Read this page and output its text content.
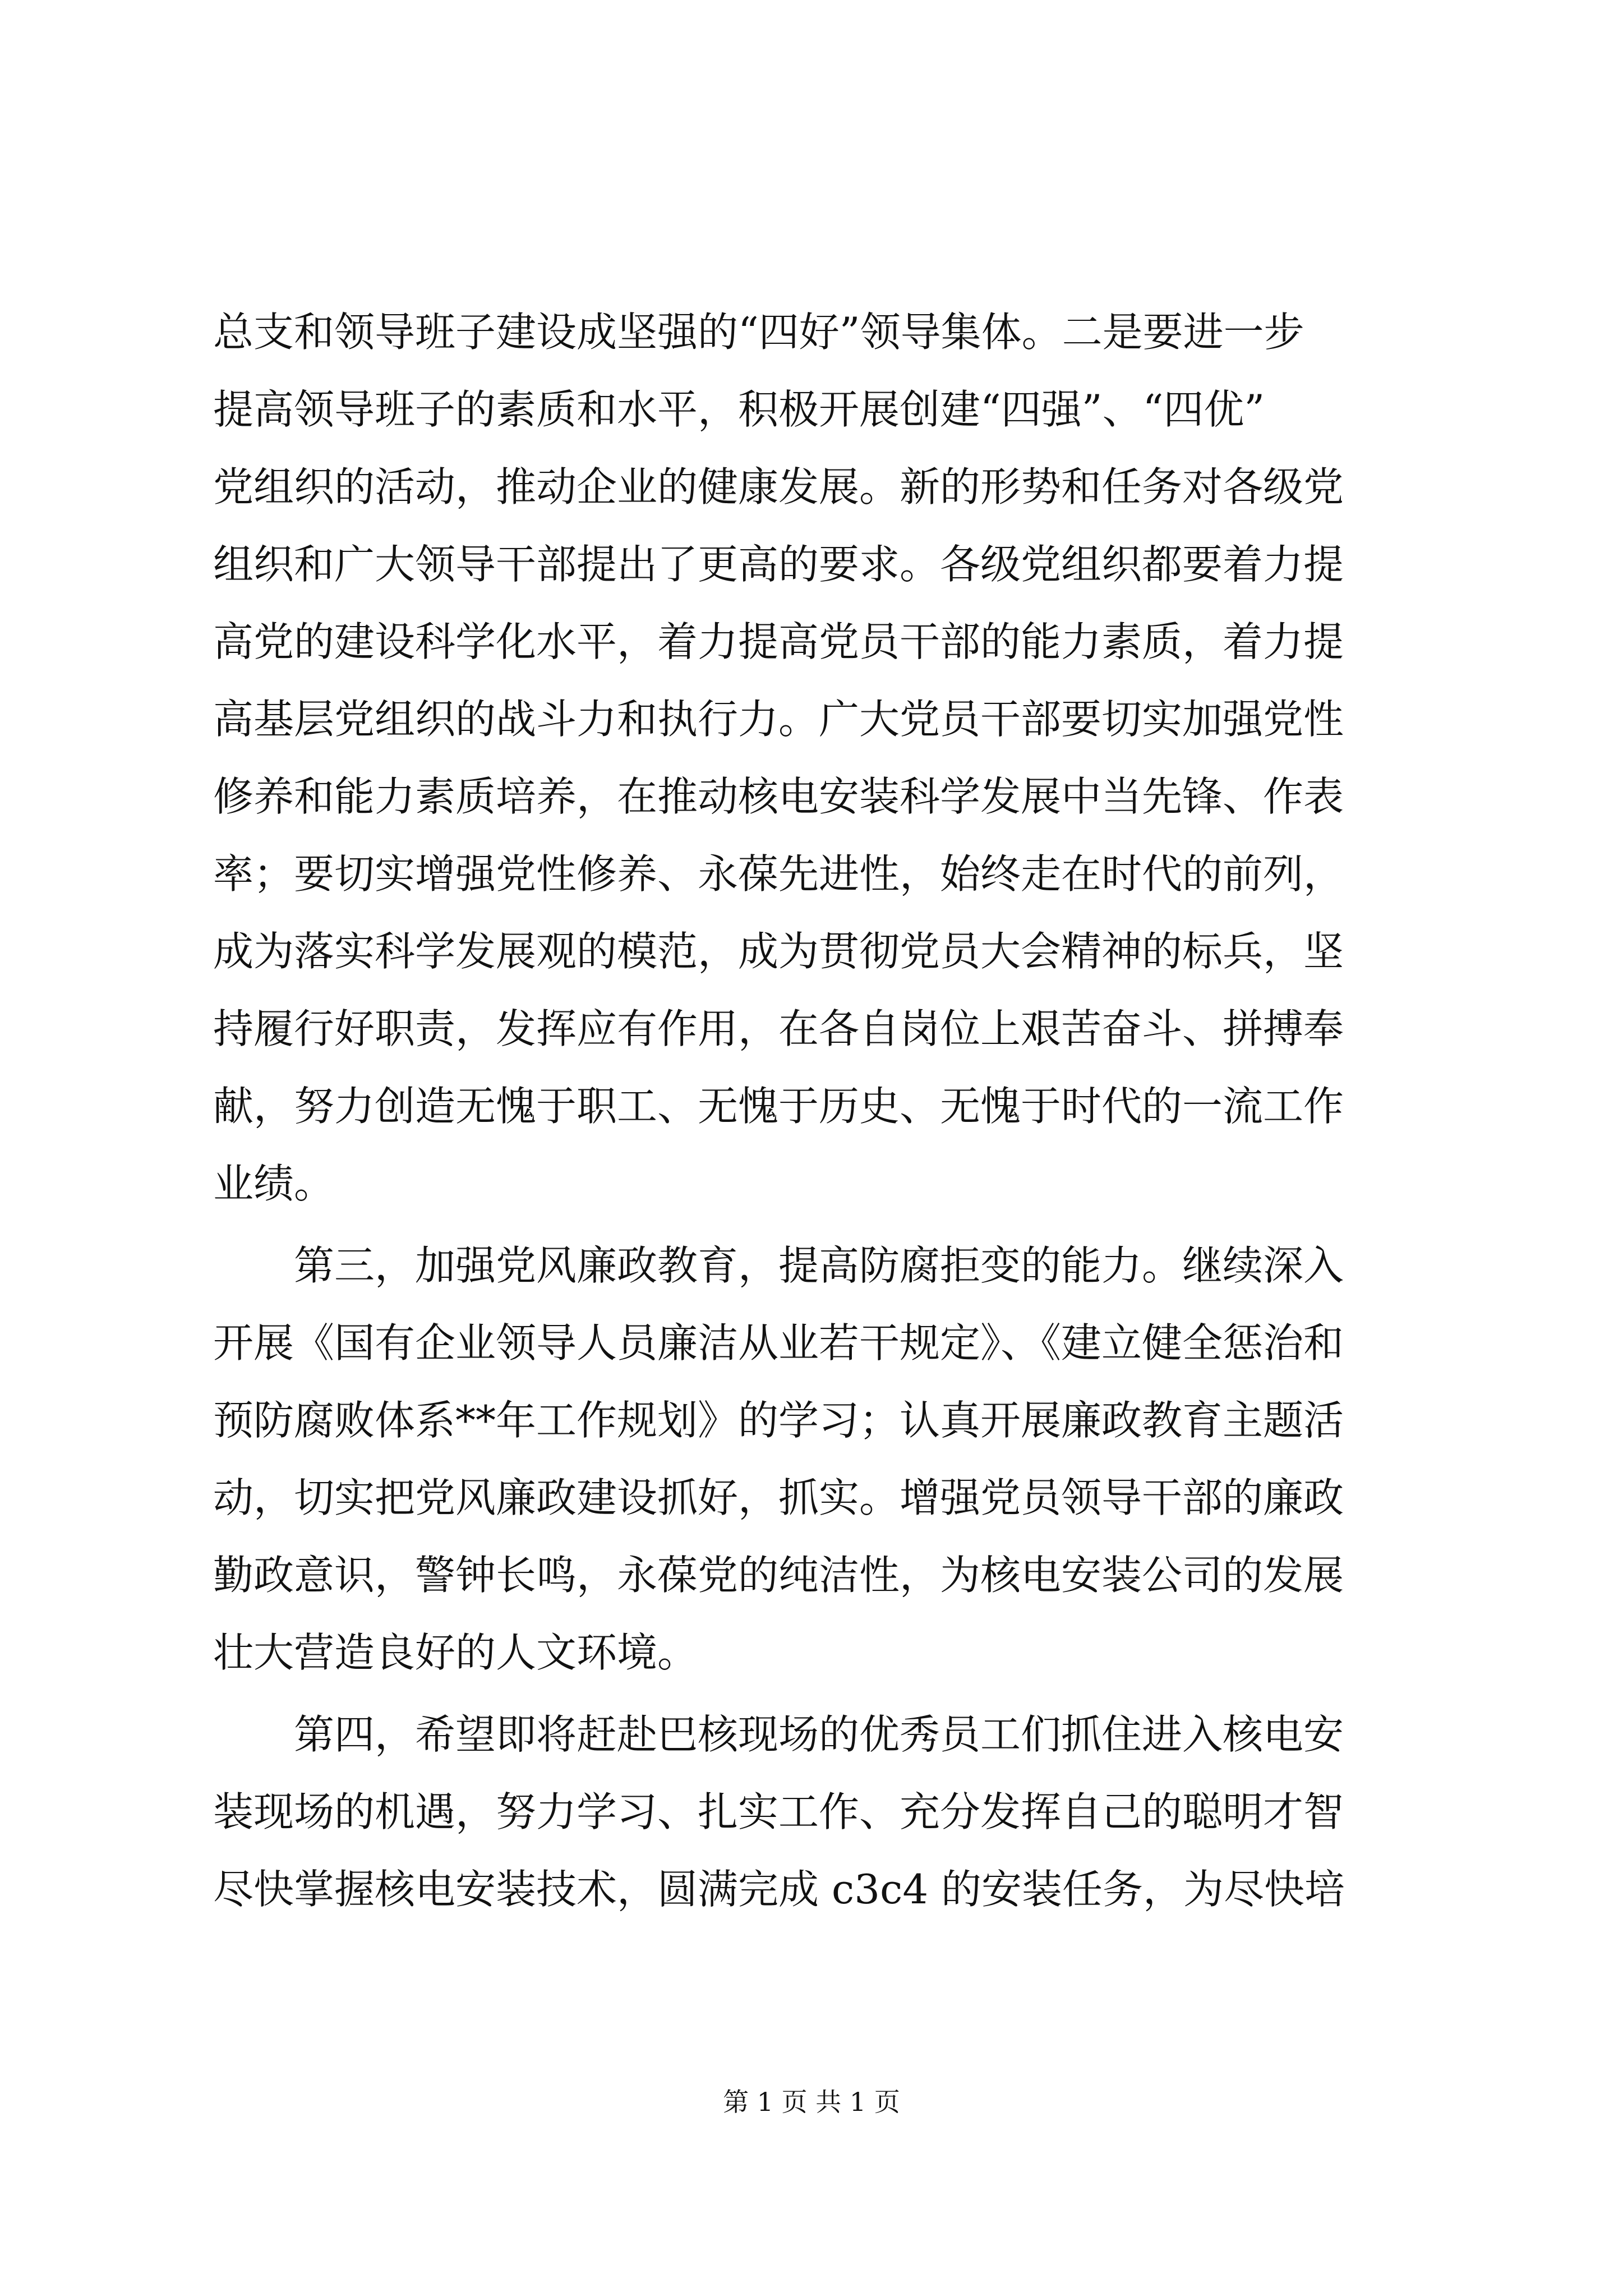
总支和领导班子建设成坚强的“四好”领导集体。二是要进一步
提高领导班子的素质和水平，积极开展创建“四强”、“四优”
党组织的活动，推动企业的健康发展。新的形势和任务对各级党
组织和广大领导干部提出了更高的要求。各级党组织都要着力提
高党的建设科学化水平，着力提高党员干部的能力素质，着力提
高基层党组织的战斗力和执行力。广大党员干部要切实加强党性
修养和能力素质培养，在推动核电安装科学发展中当先锋、作表
率；要切实增强党性修养、永葆先进性，始终走在时代的前列，
成为落实科学发展观的模范，成为贯彻党员大会精神的标兵，坚
持履行好职责，发挥应有作用，在各自岗位上艰苦奋斗、拼搏奉
献，努力创造无愧于职工、无愧于历史、无愧于时代的一流工作
业绩。
　　第三，加强党风廉政教育，提高防腐拒变的能力。继续深入
开展《国有企业领导人员廉洁从业若干规定》、《建立健全惩治和
预防腐败体系**年工作规划》的学习；认真开展廉政教育主题活
动，切实把党风廉政建设抓好，抓实。增强党员领导干部的廉政
勤政意识，警钟长鸣，永葆党的纯洁性，为核电安装公司的发展
壮大营造良好的人文环境。
　　第四，希望即将赶赴巴核现场的优秀员工们抓住进入核电安
装现场的机遇，努力学习、扎实工作、充分发挥自己的聪明才智
尽快掌握核电安装技术，圆满完成 c3c4 的安装任务，为尽快培
第 1 页 共 1 页
